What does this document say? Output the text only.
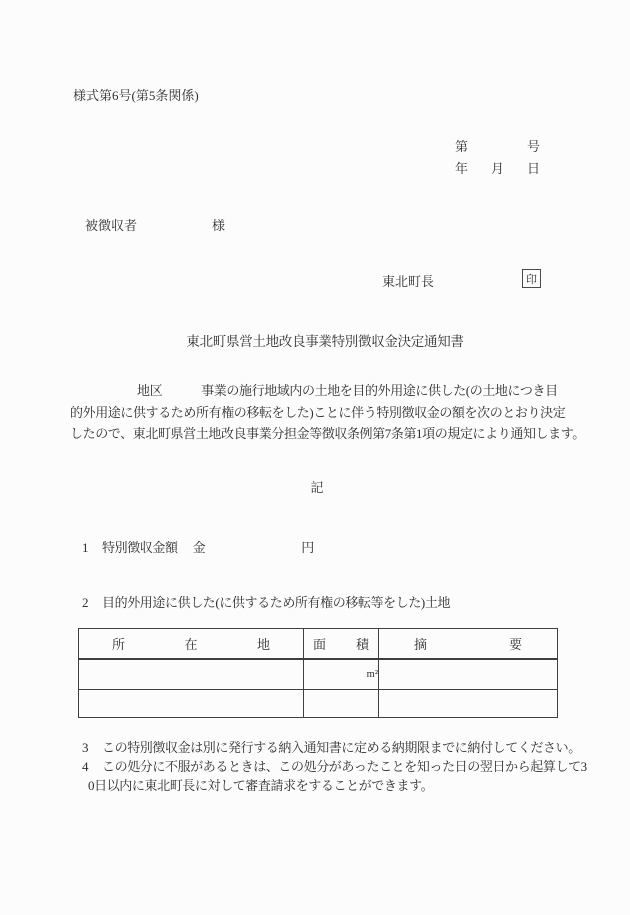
様式第6号(第5条関係)
第	号
年 月 日
被徴収者	様
東北町長	印
東北町県営土地改良事業特別徴収金決定通知書
地区	事業の施行地域内の土地を目的外用途に供した(の土地につき目
的外用途に供するため所有権の移転をした)ことに伴う特別徴収金の額を次のとおり決定
したので、東北町県営土地改良事業分担金等徴収条例第7条第1項の規定により通知します。
記
1 特別徴収金額 金	円
2 目的外用途に供した(に供するため所有権の移転等をした)土地
所 在 地	面 積	摘 要

	m²	

3 この特別徴収金は別に発行する納入通知書に定める納期限までに納付してください。
4 この処分に不服があるときは、この処分があったことを知った日の翌日から起算して3
0日以内に東北町長に対して審査請求をすることができます。
